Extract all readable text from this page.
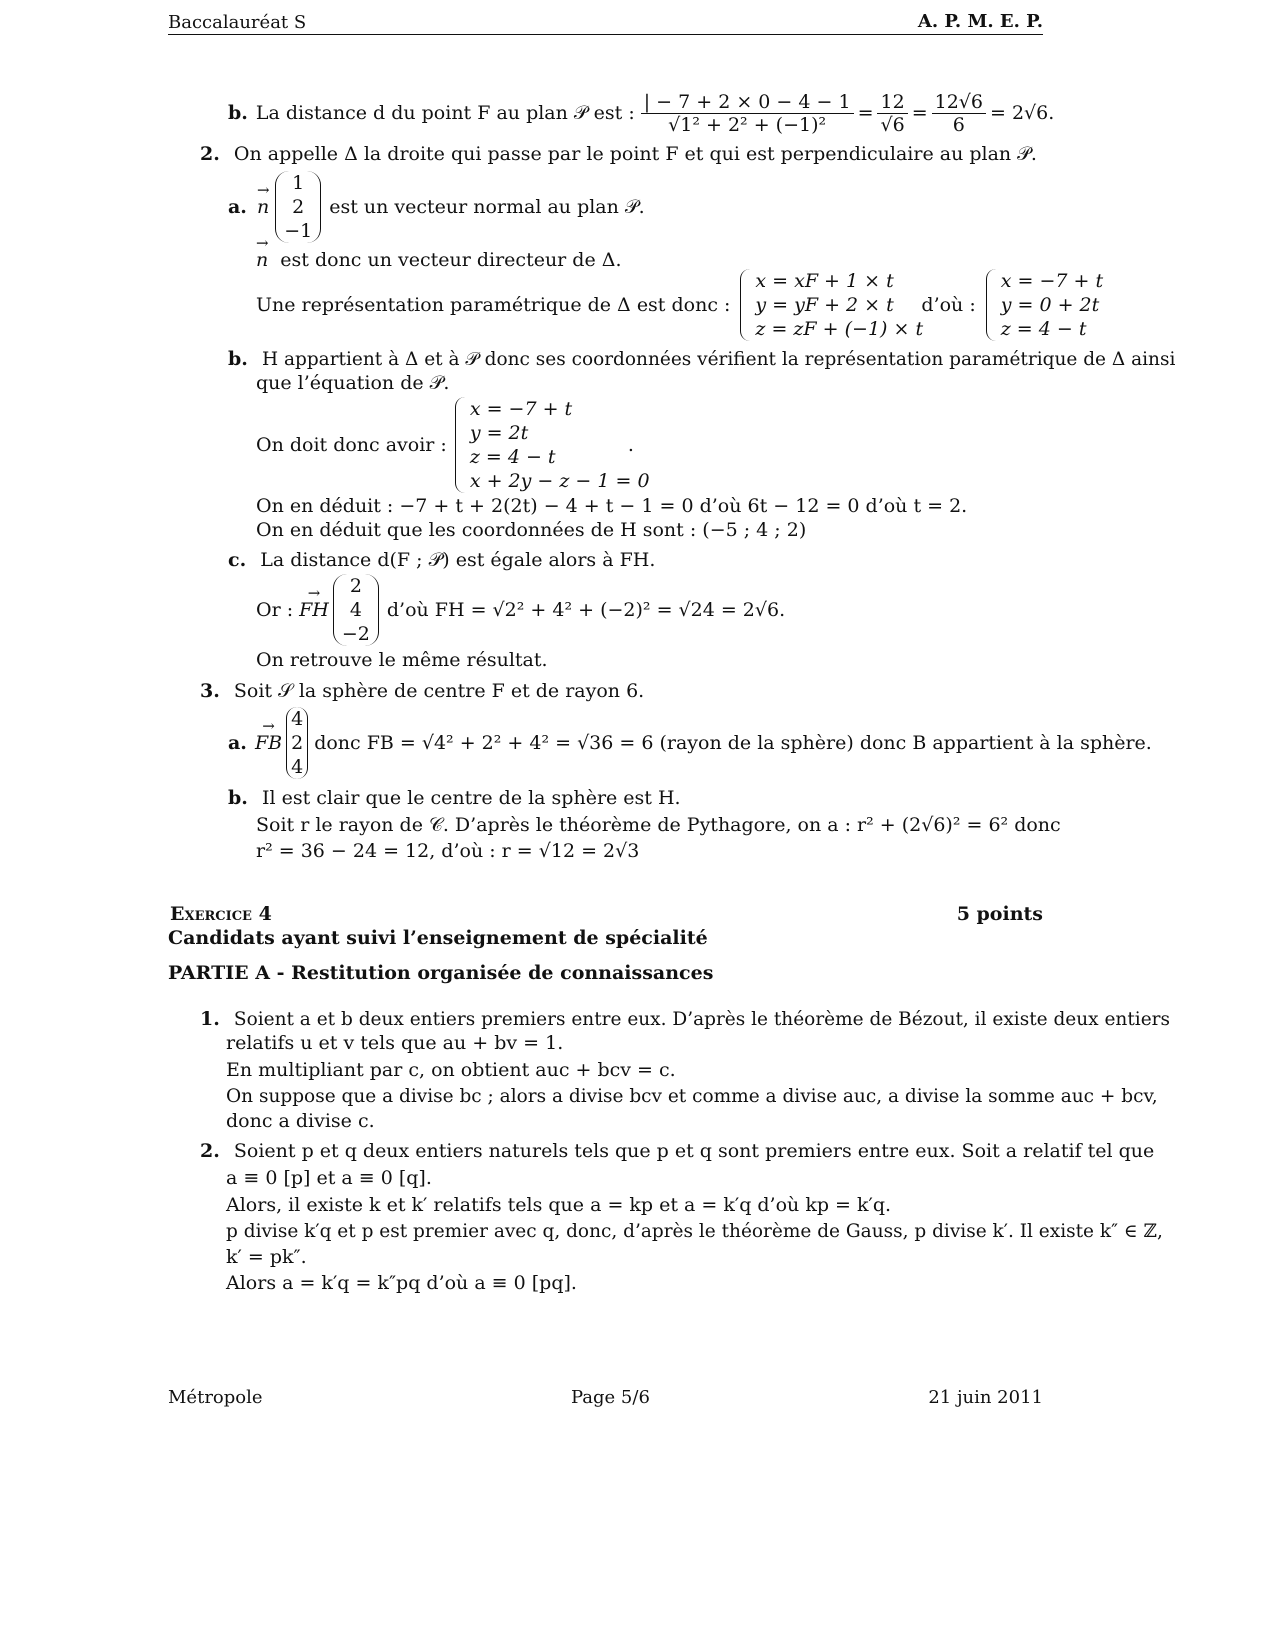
Baccalauréat S	A. P. M. E. P.
b. La distance d du point F au plan 𝒫 est : $\frac{| - 7 + 2 \times 0 - 4 - 1}{\text{√1² + 2² + (−1)²}} = \frac{12}{√6} = \frac{12√6}{6} = 2√6$.
2. On appelle Δ la droite qui passe par le point F et qui est perpendiculaire au plan 𝒫.
a. → n
1
2
−1
est un vecteur normal au plan 𝒫.
→ n est donc un vecteur directeur de Δ.
Une représentation paramétrique de Δ est donc :
x = xF + 1 × t
y = yF + 2 × t
z = zF + (−1) × t
d’où :
x = −7 + t
y = 0 + 2t
z = 4 − t
b. H appartient à Δ et à 𝒫 donc ses coordonnées vérifient la représentation paramétrique de Δ ainsi
que l’équation de 𝒫.
On doit donc avoir :
x = −7 + t
y = 2t
z = 4 − t
x + 2y − z − 1 = 0
.
On en déduit : −7 + t + 2(2t) − 4 + t − 1 = 0 d’où 6t − 12 = 0 d’où t = 2.
On en déduit que les coordonnées de H sont : (−5 ; 4 ; 2)
c. La distance d(F ; 𝒫) est égale alors à FH.
Or : → FH
2
4
−2
d’où FH = √2² + 4² + (−2)² = √24 = 2√6.
On retrouve le même résultat.
3. Soit 𝒮 la sphère de centre F et de rayon 6.
a. → FB
4
2
4
donc FB = √4² + 2² + 4² = √36 = 6 (rayon de la sphère) donc B appartient à la sphère.
b. Il est clair que le centre de la sphère est H.
Soit r le rayon de 𝒞. D’après le théorème de Pythagore, on a : r² + (2√6)² = 6² donc
r² = 36 − 24 = 12, d’où : r = √12 = 2√3
Exercice 4	5 points
Candidats ayant suivi l’enseignement de spécialité
PARTIE A - Restitution organisée de connaissances
1. Soient a et b deux entiers premiers entre eux. D’après le théorème de Bézout, il existe deux entiers
relatifs u et v tels que au + bv = 1.
En multipliant par c, on obtient auc + bcv = c.
On suppose que a divise bc ; alors a divise bcv et comme a divise auc, a divise la somme auc + bcv,
donc a divise c.
2. Soient p et q deux entiers naturels tels que p et q sont premiers entre eux. Soit a relatif tel que
a ≡ 0 [p] et a ≡ 0 [q].
Alors, il existe k et k′ relatifs tels que a = kp et a = k′q d’où kp = k′q.
p divise k′q et p est premier avec q, donc, d’après le théorème de Gauss, p divise k′. Il existe k″ ∈ ℤ,
k′ = pk″.
Alors a = k′q = k″pq d’où a ≡ 0 [pq].
Métropole	Page 5/6	21 juin 2011
